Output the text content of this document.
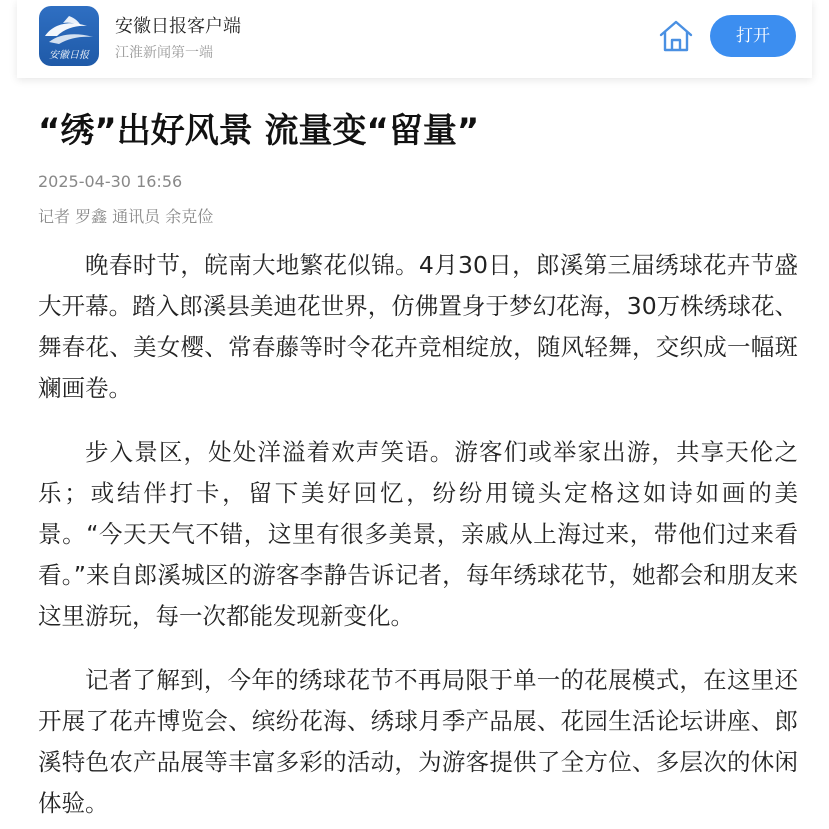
安徽日报
安徽日报客户端
江淮新闻第一端
打开
“绣”出好风景 流量变“留量”
2025-04-30 16:56
记者 罗鑫 通讯员 余克俭

晚春时节，皖南大地繁花似锦。4月30日，郎溪第三届绣球花卉节盛大开幕。踏入郎溪县美迪花世界，仿佛置身于梦幻花海，30万株绣球花、舞春花、美女樱、常春藤等时令花卉竞相绽放，随风轻舞，交织成一幅斑斓画卷。

步入景区，处处洋溢着欢声笑语。游客们或举家出游，共享天伦之乐；或结伴打卡，留下美好回忆，纷纷用镜头定格这如诗如画的美景。“今天天气不错，这里有很多美景，亲戚从上海过来，带他们过来看看。”来自郎溪城区的游客李静告诉记者，每年绣球花节，她都会和朋友来这里游玩，每一次都能发现新变化。

记者了解到，今年的绣球花节不再局限于单一的花展模式，在这里还开展了花卉博览会、缤纷花海、绣球月季产品展、花园生活论坛讲座、郎溪特色农产品展等丰富多彩的活动，为游客提供了全方位、多层次的休闲体验。
